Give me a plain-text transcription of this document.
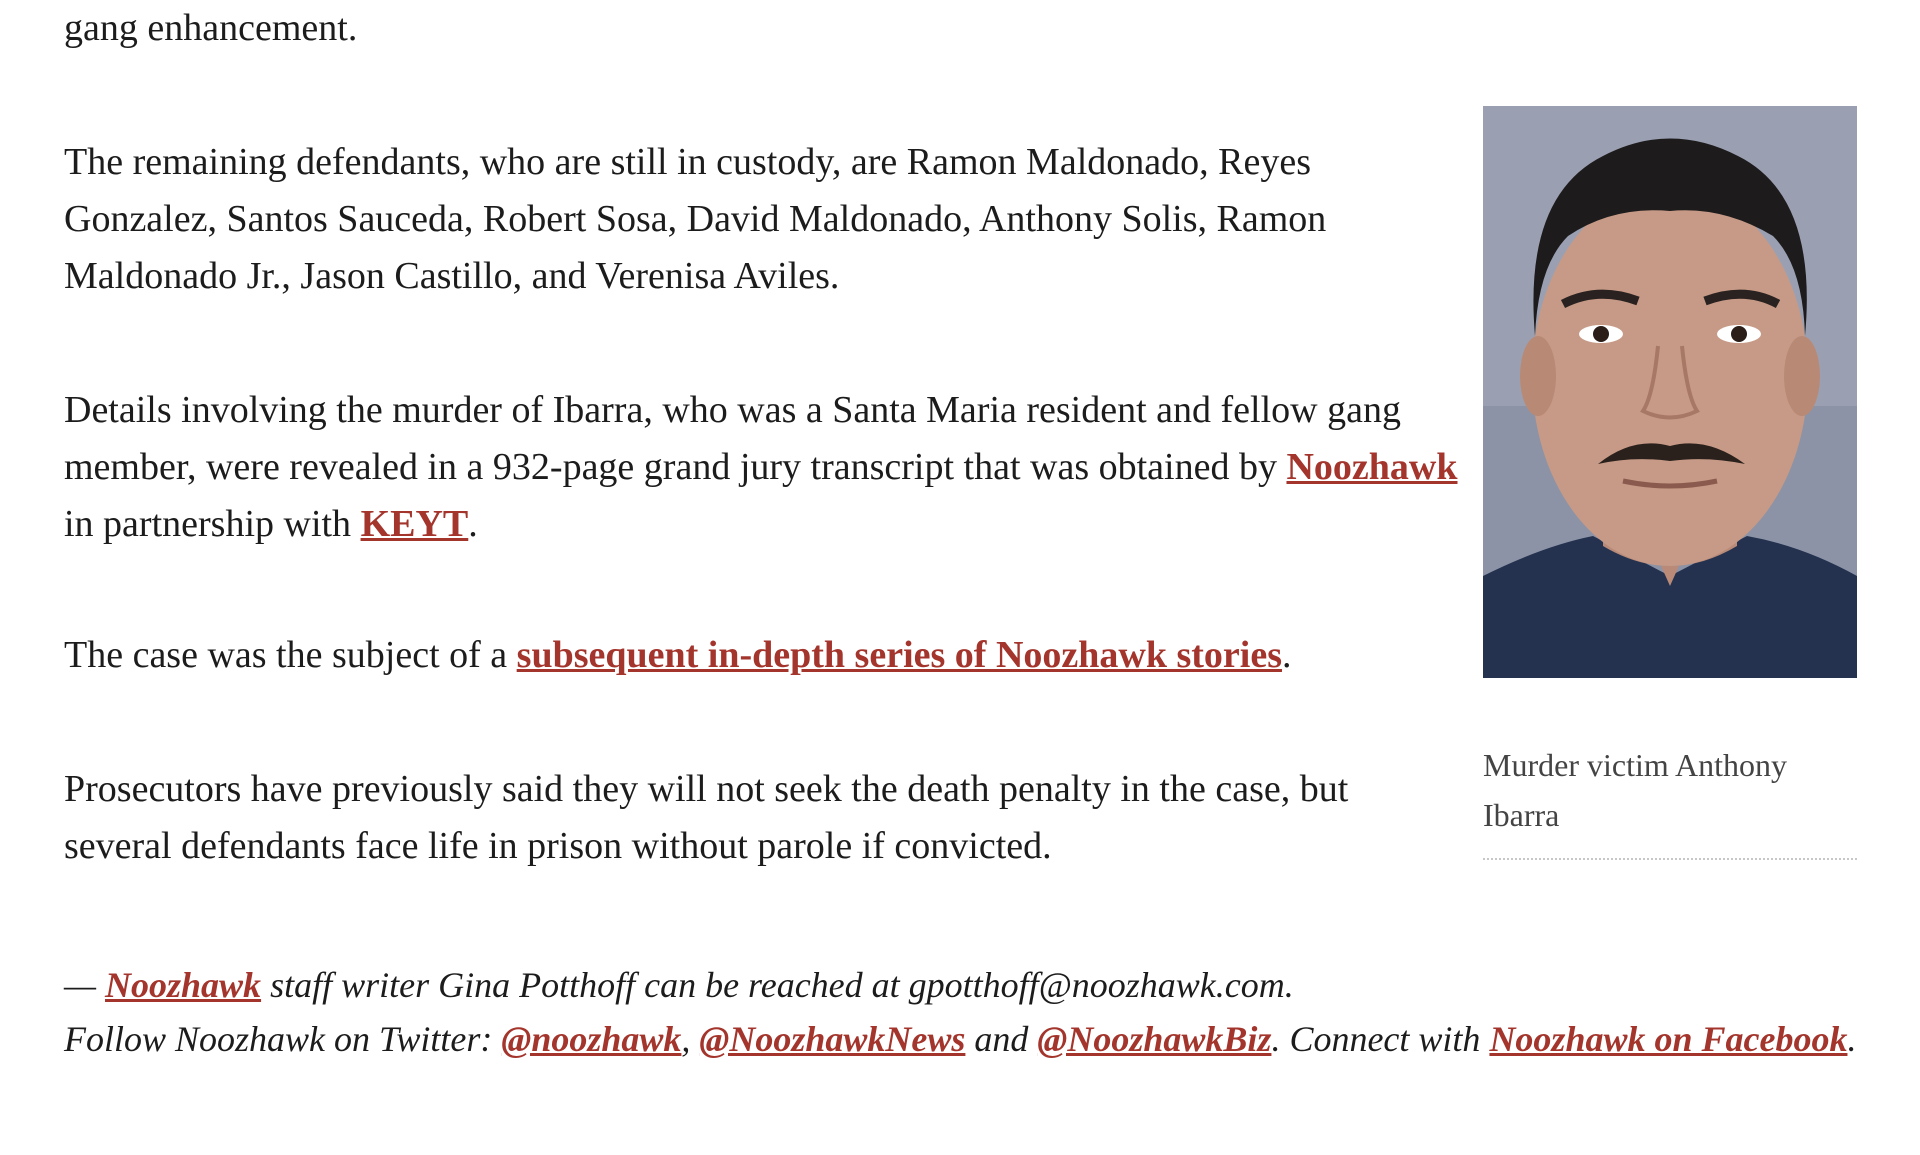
gang enhancement.

The remaining defendants, who are still in custody, are Ramon Maldonado, Reyes Gonzalez, Santos Sauceda, Robert Sosa, David Maldonado, Anthony Solis, Ramon Maldonado Jr., Jason Castillo, and Verenisa Aviles.

Details involving the murder of Ibarra, who was a Santa Maria resident and fellow gang member, were revealed in a 932-page grand jury transcript that was obtained by Noozhawk in partnership with KEYT.

The case was the subject of a subsequent in-depth series of Noozhawk stories.

Prosecutors have previously said they will not seek the death penalty in the case, but several defendants face life in prison without parole if convicted.

— Noozhawk staff writer Gina Potthoff can be reached at gpotthoff@noozhawk.com.
Follow Noozhawk on Twitter: @noozhawk, @NoozhawkNews and @NoozhawkBiz. Connect with Noozhawk on Facebook.

Murder victim Anthony Ibarra
